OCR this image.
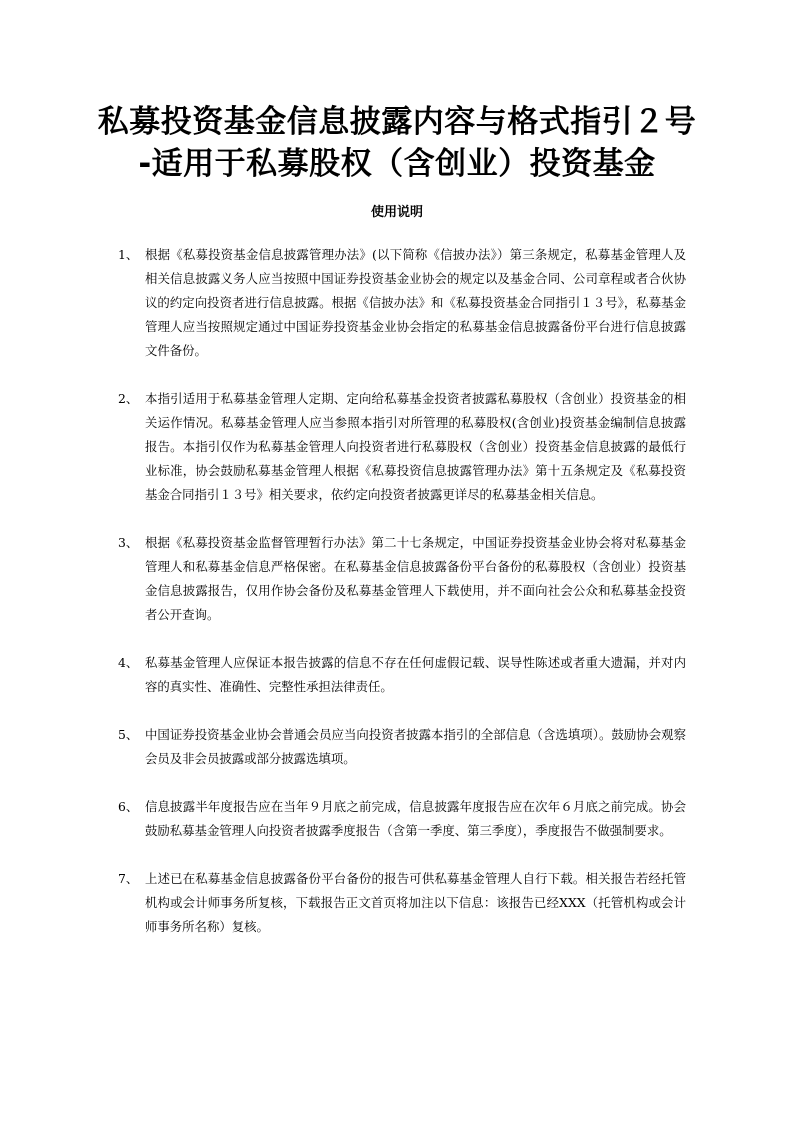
私募投资基金信息披露内容与格式指引２号
-适用于私募股权（含创业）投资基金
使用说明
1、 根据《私募投资基金信息披露管理办法》(以下简称《信披办法》）第三条规定，私募基金管理人及相关信息披露义务人应当按照中国证券投资基金业协会的规定以及基金合同、公司章程或者合伙协议的约定向投资者进行信息披露。根据《信披办法》和《私募投资基金合同指引１３号》，私募基金管理人应当按照规定通过中国证券投资基金业协会指定的私募基金信息披露备份平台进行信息披露文件备份。
2、 本指引适用于私募基金管理人定期、定向给私募基金投资者披露私募股权（含创业）投资基金的相关运作情况。私募基金管理人应当参照本指引对所管理的私募股权(含创业)投资基金编制信息披露报告。本指引仅作为私募基金管理人向投资者进行私募股权（含创业）投资基金信息披露的最低行业标准，协会鼓励私募基金管理人根据《私募投资信息披露管理办法》第十五条规定及《私募投资基金合同指引１３号》相关要求，依约定向投资者披露更详尽的私募基金相关信息。
3、 根据《私募投资基金监督管理暂行办法》第二十七条规定，中国证券投资基金业协会将对私募基金管理人和私募基金信息严格保密。在私募基金信息披露备份平台备份的私募股权（含创业）投资基金信息披露报告，仅用作协会备份及私募基金管理人下载使用，并不面向社会公众和私募基金投资者公开查询。
4、 私募基金管理人应保证本报告披露的信息不存在任何虚假记载、误导性陈述或者重大遗漏，并对内容的真实性、准确性、完整性承担法律责任。
5、 中国证券投资基金业协会普通会员应当向投资者披露本指引的全部信息（含选填项）。鼓励协会观察会员及非会员披露或部分披露选填项。
6、 信息披露半年度报告应在当年９月底之前完成，信息披露年度报告应在次年６月底之前完成。协会鼓励私募基金管理人向投资者披露季度报告（含第一季度、第三季度），季度报告不做强制要求。
7、 上述已在私募基金信息披露备份平台备份的报告可供私募基金管理人自行下载。相关报告若经托管机构或会计师事务所复核，下载报告正文首页将加注以下信息：该报告已经XXX（托管机构或会计师事务所名称）复核。
